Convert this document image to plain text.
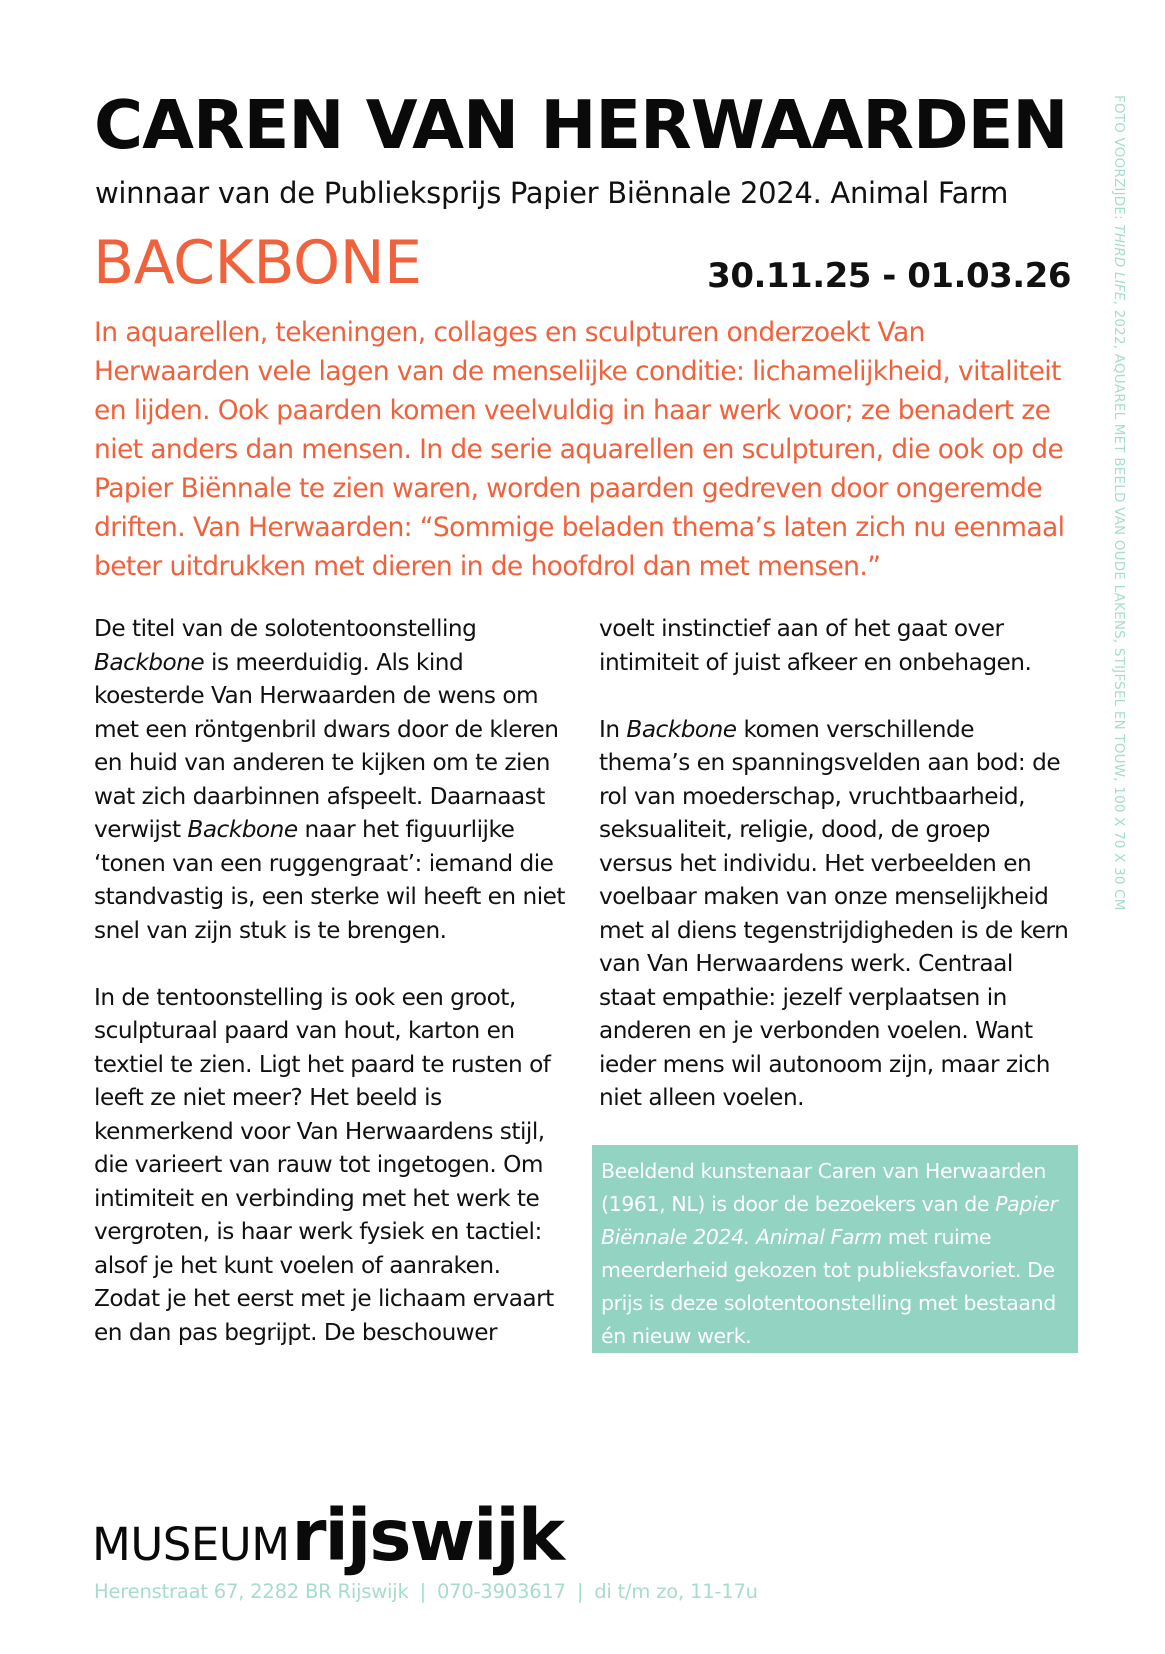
CAREN VAN HERWAARDEN
winnaar van de Publieksprijs Papier Biënnale 2024. Animal Farm
BACKBONE	30.11.25 - 01.03.26

In aquarellen, tekeningen, collages en sculpturen onderzoekt Van Herwaarden vele lagen van de menselijke conditie: lichamelijkheid, vitaliteit en lijden. Ook paarden komen veelvuldig in haar werk voor; ze benadert ze niet anders dan mensen. In de serie aquarellen en sculpturen, die ook op de Papier Biënnale te zien waren, worden paarden gedreven door ongeremde driften. Van Herwaarden: “Sommige beladen thema’s laten zich nu eenmaal beter uitdrukken met dieren in de hoofdrol dan met mensen.”

De titel van de solotentoonstelling Backbone is meerduidig. Als kind koesterde Van Herwaarden de wens om met een röntgenbril dwars door de kleren en huid van anderen te kijken om te zien wat zich daarbinnen afspeelt. Daarnaast verwijst Backbone naar het figuurlijke ‘tonen van een ruggengraat’: iemand die standvastig is, een sterke wil heeft en niet snel van zijn stuk is te brengen.

In de tentoonstelling is ook een groot, sculpturaal paard van hout, karton en textiel te zien. Ligt het paard te rusten of leeft ze niet meer? Het beeld is kenmerkend voor Van Herwaardens stijl, die varieert van rauw tot ingetogen. Om intimiteit en verbinding met het werk te vergroten, is haar werk fysiek en tactiel: alsof je het kunt voelen of aanraken. Zodat je het eerst met je lichaam ervaart en dan pas begrijpt. De beschouwer

voelt instinctief aan of het gaat over intimiteit of juist afkeer en onbehagen.

In Backbone komen verschillende thema’s en spanningsvelden aan bod: de rol van moederschap, vruchtbaarheid, seksualiteit, religie, dood, de groep versus het individu. Het verbeelden en voelbaar maken van onze menselijkheid met al diens tegenstrijdigheden is de kern van Van Herwaardens werk. Centraal staat empathie: jezelf verplaatsen in anderen en je verbonden voelen. Want ieder mens wil autonoom zijn, maar zich niet alleen voelen.

Beeldend kunstenaar Caren van Herwaarden (1961, NL) is door de bezoekers van de Papier Biënnale 2024. Animal Farm met ruime meerderheid gekozen tot publieksfavoriet. De prijs is deze solotentoonstelling met bestaand én nieuw werk.

FOTO VOORZIJDE: THIRD LIFE, 2022, AQUAREL MET BEELD VAN OUDE LAKENS, STIJFSEL EN TOUW, 100 X 70 X 30 CM
MUSEUMrijswijk
Herenstraat 67, 2282 BR Rijswijk | 070-3903617 | di t/m zo, 11-17u
